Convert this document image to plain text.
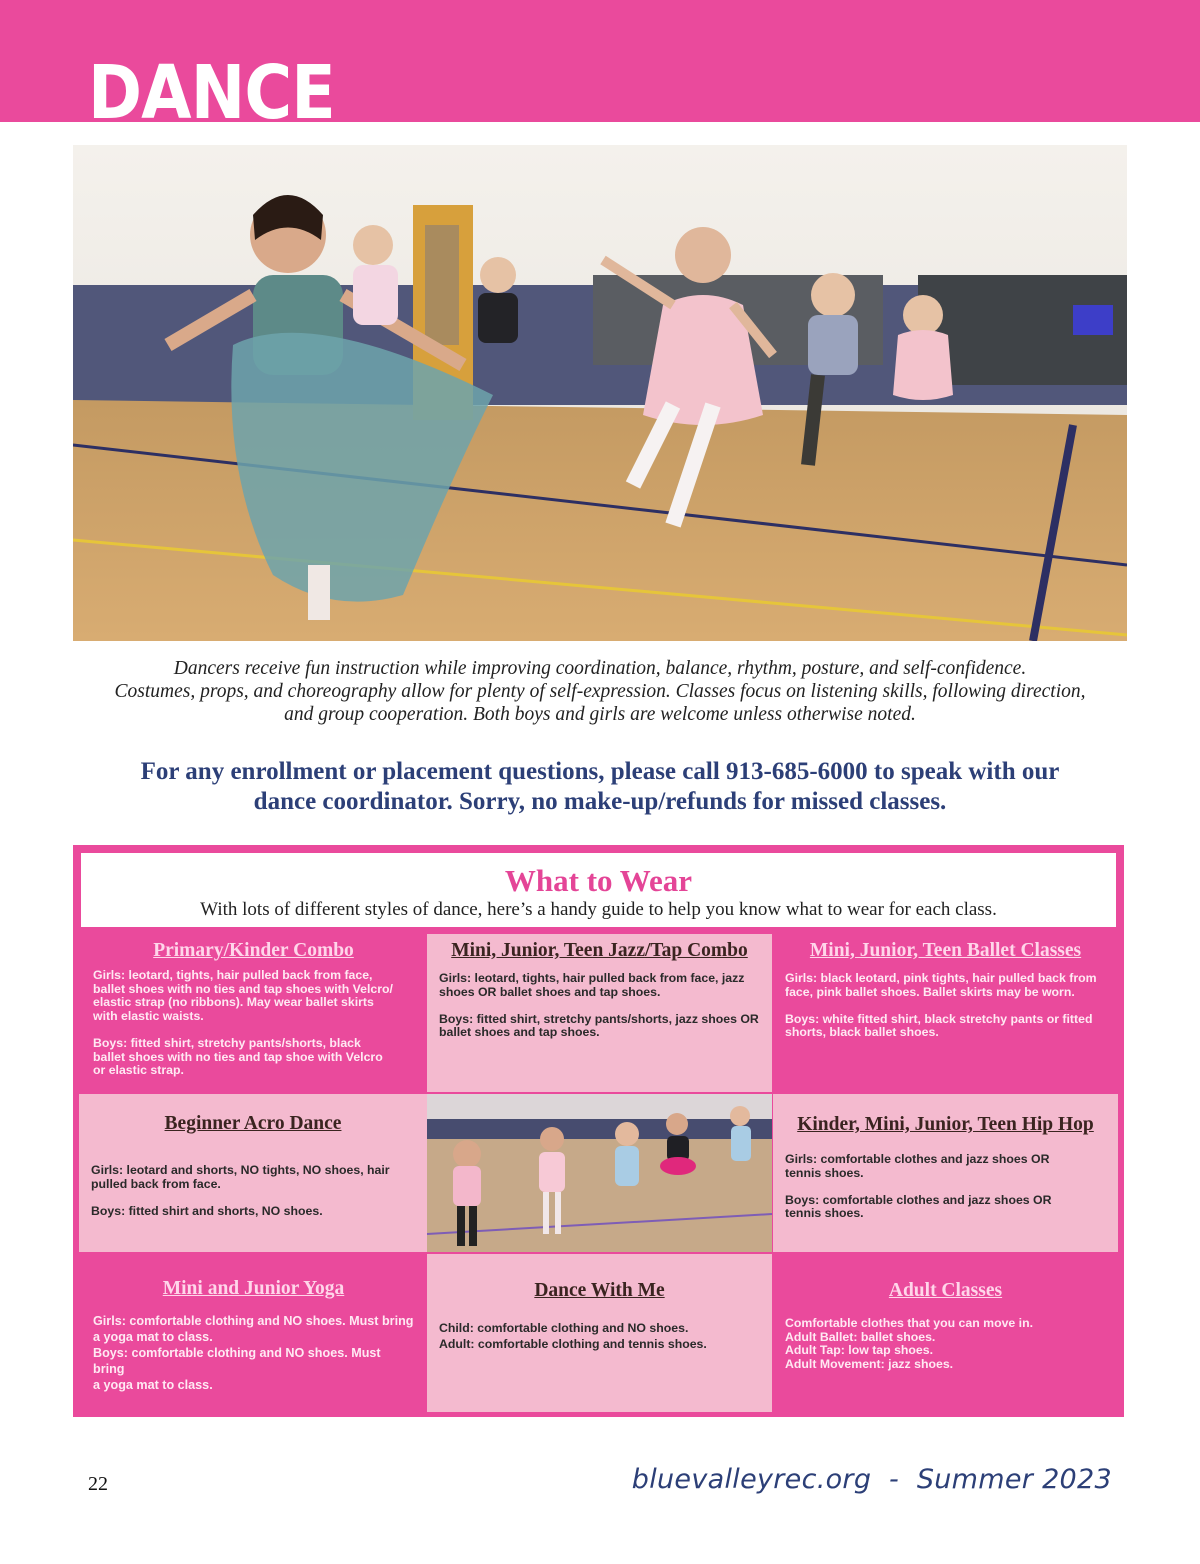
DANCE
Dancers receive fun instruction while improving coordination, balance, rhythm, posture, and self-confidence.
Costumes, props, and choreography allow for plenty of self-expression. Classes focus on listening skills, following direction,
and group cooperation. Both boys and girls are welcome unless otherwise noted.
For any enrollment or placement questions, please call 913-685-6000 to speak with our
dance coordinator. Sorry, no make-up/refunds for missed classes.
What to Wear
With lots of different styles of dance, here’s a handy guide to help you know what to wear for each class.
Primary/Kinder Combo
Girls: leotard, tights, hair pulled back from face,
ballet shoes with no ties and tap shoes with Velcro/
elastic strap (no ribbons). May wear ballet skirts
with elastic waists.

Boys: fitted shirt, stretchy pants/shorts, black
ballet shoes with no ties and tap shoe with Velcro
or elastic strap.
Mini, Junior, Teen Jazz/Tap Combo
Girls: leotard, tights, hair pulled back from face, jazz
shoes OR ballet shoes and tap shoes.

Boys: fitted shirt, stretchy pants/shorts, jazz shoes OR
ballet shoes and tap shoes.
Mini, Junior, Teen Ballet Classes
Girls: black leotard, pink tights, hair pulled back from
face, pink ballet shoes. Ballet skirts may be worn.

Boys: white fitted shirt, black stretchy pants or fitted
shorts, black ballet shoes.
Beginner Acro Dance
Girls: leotard and shorts, NO tights, NO shoes, hair
pulled back from face.

Boys: fitted shirt and shorts, NO shoes.
Kinder, Mini, Junior, Teen Hip Hop
Girls: comfortable clothes and jazz shoes OR
tennis shoes.

Boys: comfortable clothes and jazz shoes OR
tennis shoes.
Mini and Junior Yoga
Girls: comfortable clothing and NO shoes. Must bring
a yoga mat to class.
Boys: comfortable clothing and NO shoes. Must bring
a yoga mat to class.
Dance With Me
Child: comfortable clothing and NO shoes.
Adult: comfortable clothing and tennis shoes.
Adult Classes
Comfortable clothes that you can move in.
Adult Ballet: ballet shoes.
Adult Tap: low tap shoes.
Adult Movement: jazz shoes.
22	bluevalleyrec.org  -  Summer 2023
